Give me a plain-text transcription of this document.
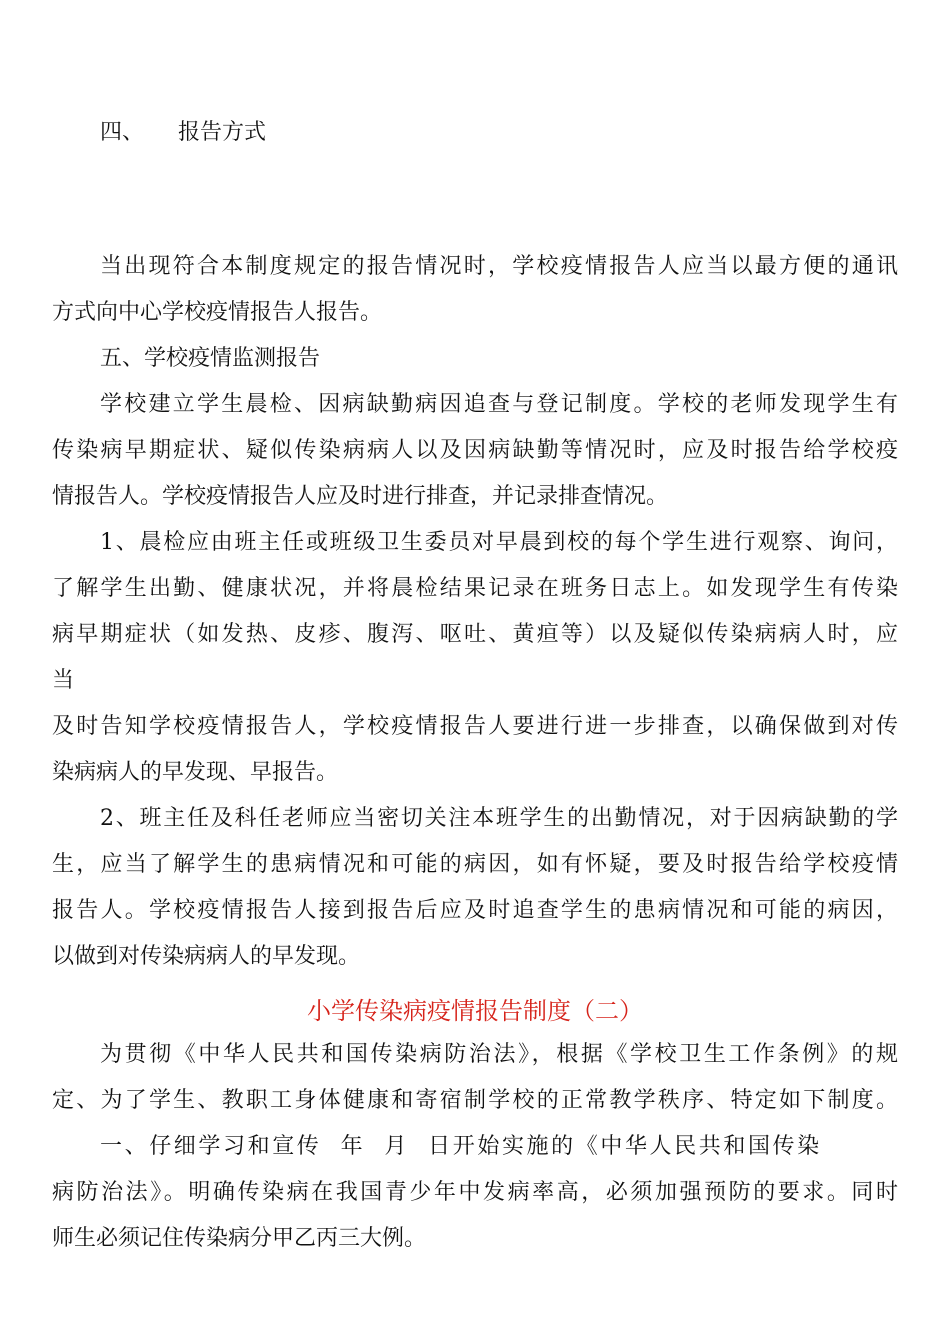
四、 报告方式
当出现符合本制度规定的报告情况时，学校疫情报告人应当以最方便的通讯
方式向中心学校疫情报告人报告。
五、学校疫情监测报告
学校建立学生晨检、因病缺勤病因追查与登记制度。学校的老师发现学生有
传染病早期症状、疑似传染病病人以及因病缺勤等情况时，应及时报告给学校疫
情报告人。学校疫情报告人应及时进行排查，并记录排查情况。
1、晨检应由班主任或班级卫生委员对早晨到校的每个学生进行观察、询问，
了解学生出勤、健康状况，并将晨检结果记录在班务日志上。如发现学生有传染
病早期症状（如发热、皮疹、腹泻、呕吐、黄疸等）以及疑似传染病病人时，应
当
及时告知学校疫情报告人，学校疫情报告人要进行进一步排查，以确保做到对传
染病病人的早发现、早报告。
2、班主任及科任老师应当密切关注本班学生的出勤情况，对于因病缺勤的学
生，应当了解学生的患病情况和可能的病因，如有怀疑，要及时报告给学校疫情
报告人。学校疫情报告人接到报告后应及时追查学生的患病情况和可能的病因，
以做到对传染病病人的早发现。
小学传染病疫情报告制度（二）
为贯彻《中华人民共和国传染病防治法》，根据《学校卫生工作条例》的规
定、为了学生、教职工身体健康和寄宿制学校的正常教学秩序、特定如下制度。
一、仔细学习和宣传  年  月  日开始实施的《中华人民共和国传染
病防治法》。明确传染病在我国青少年中发病率高，必须加强预防的要求。同时
师生必须记住传染病分甲乙丙三大例。
